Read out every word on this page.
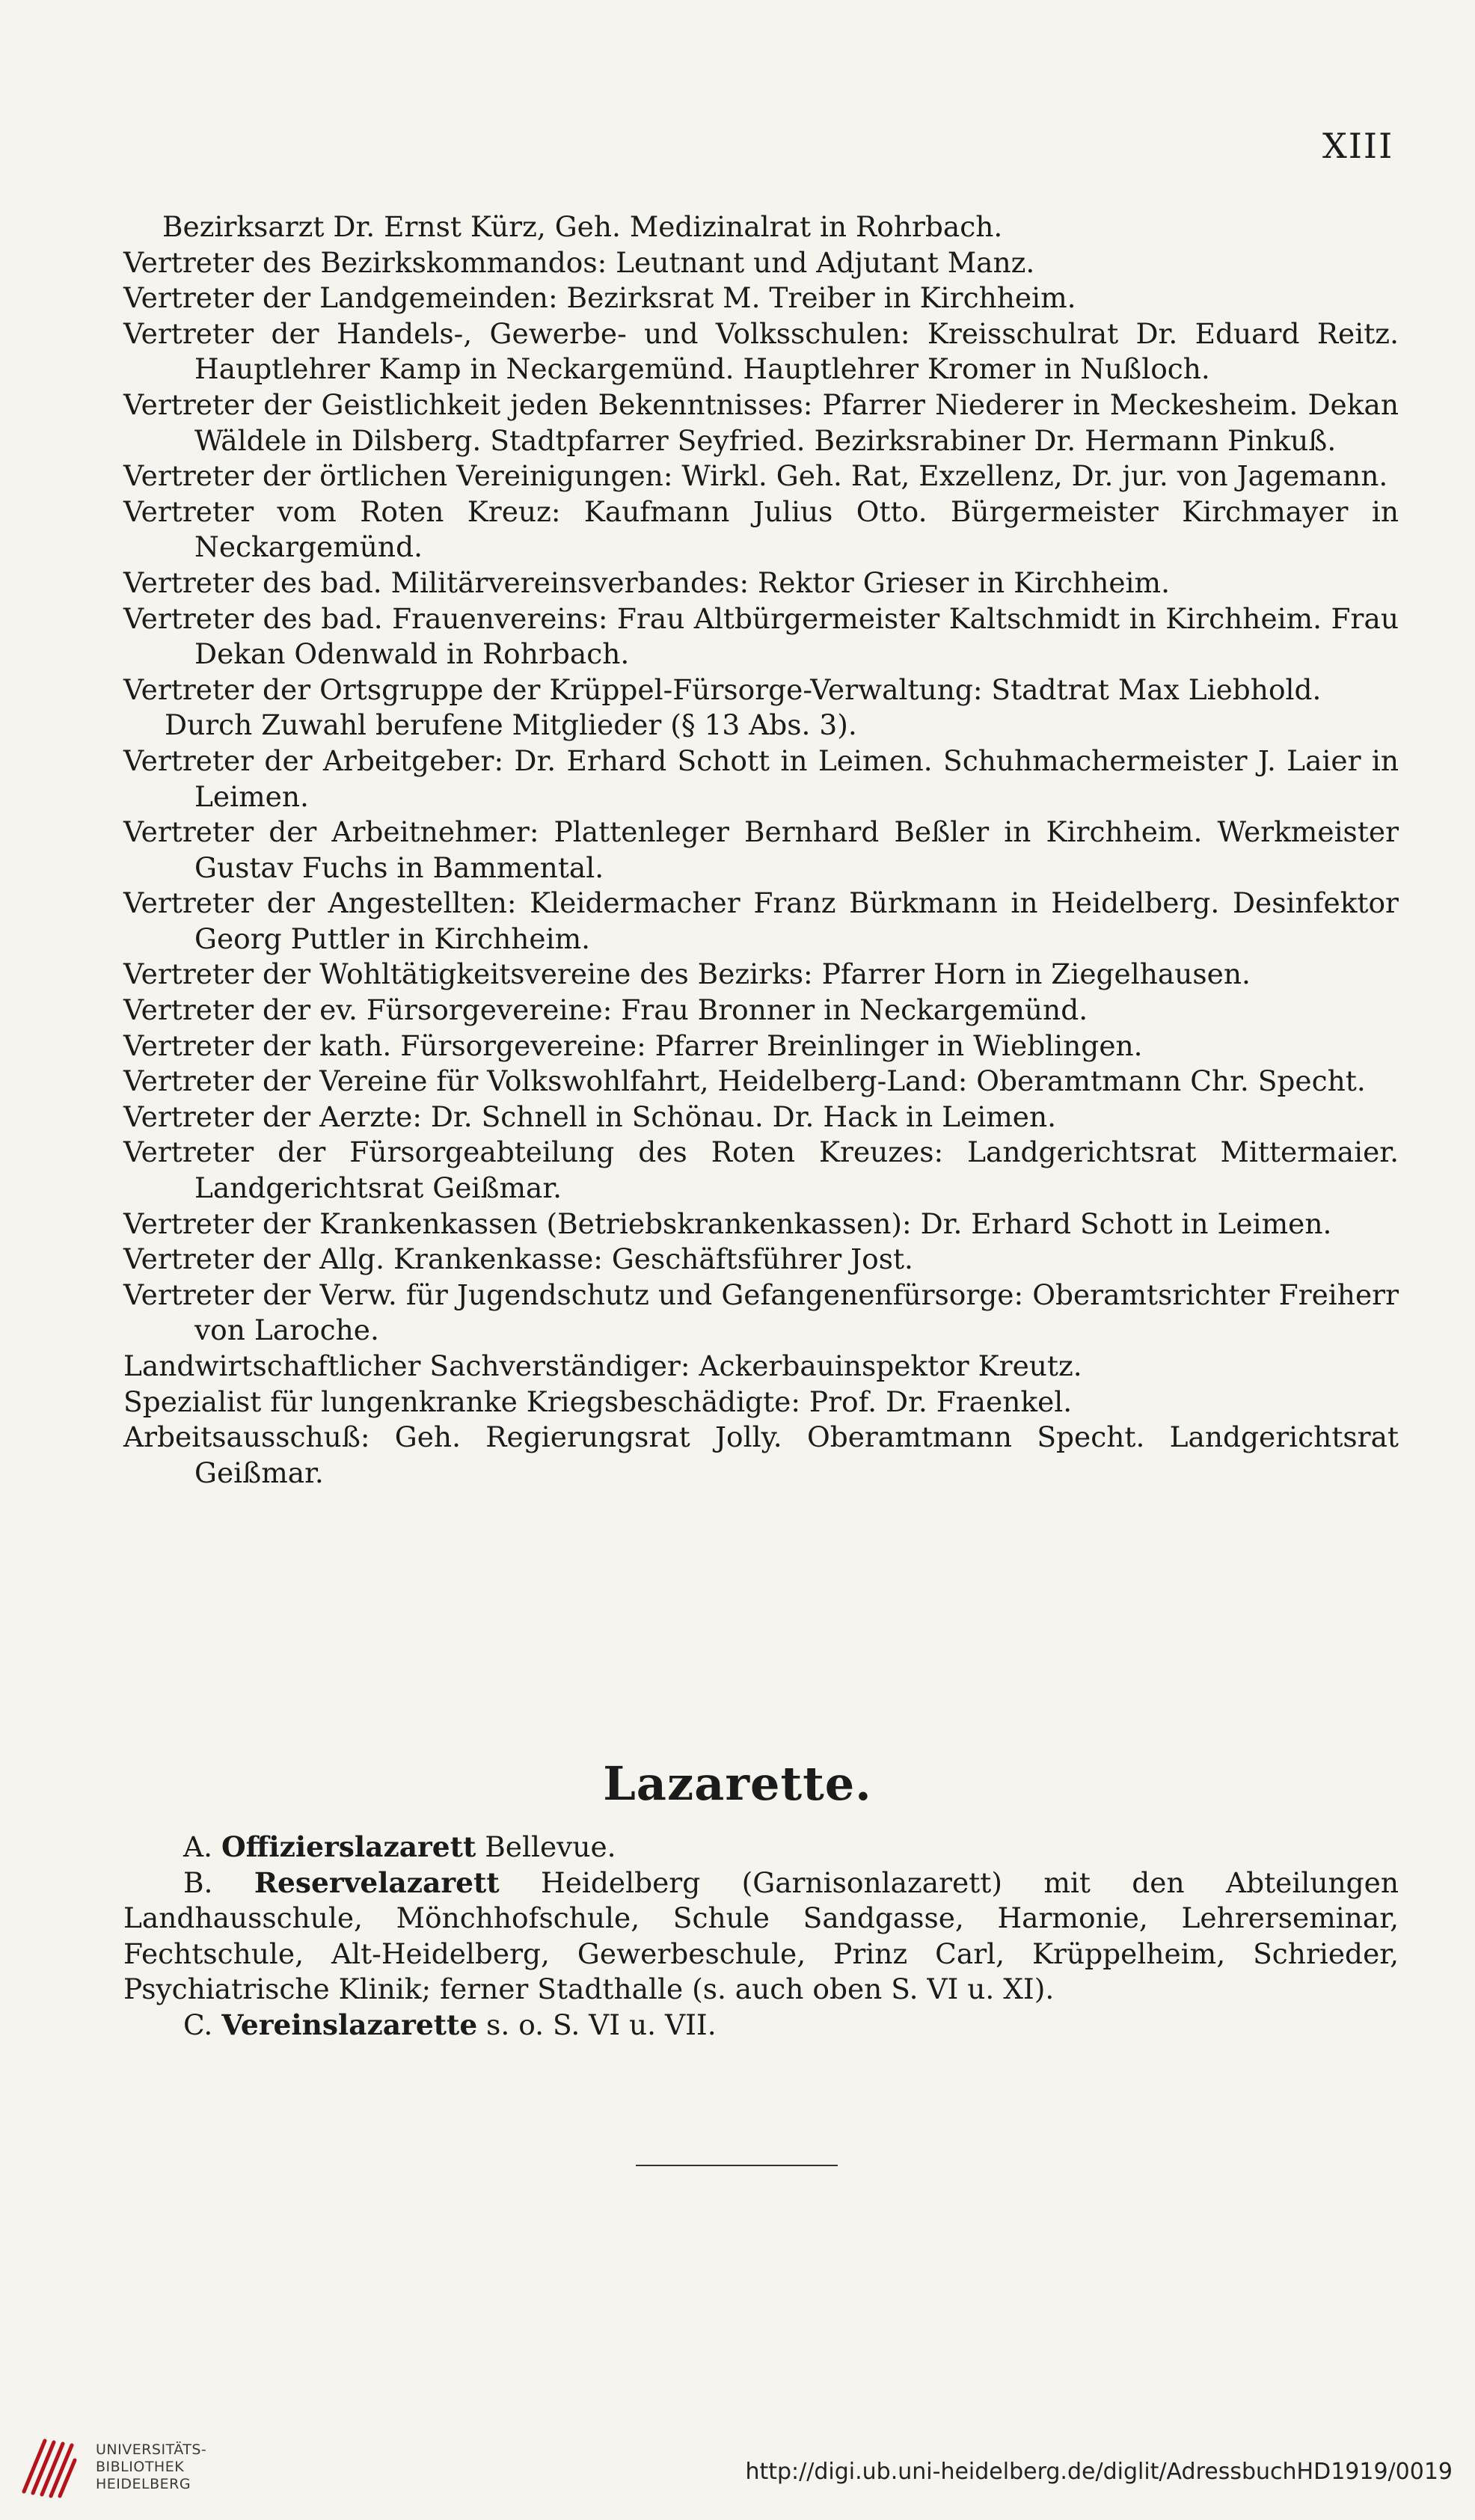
XIII
Bezirksarzt Dr. Ernst Kürz, Geh. Medizinalrat in Rohrbach.
Vertreter des Bezirkskommandos: Leutnant und Adjutant Manz.
Vertreter der Landgemeinden: Bezirksrat M. Treiber in Kirchheim.
Vertreter der Handels-, Gewerbe- und Volksschulen: Kreisschulrat Dr. Eduard Reitz. Hauptlehrer Kamp in Neckargemünd. Hauptlehrer Kromer in Nußloch.
Vertreter der Geistlichkeit jeden Bekenntnisses: Pfarrer Niederer in Meckesheim. Dekan Wäldele in Dilsberg. Stadtpfarrer Seyfried. Bezirksrabiner Dr. Hermann Pinkuß.
Vertreter der örtlichen Vereinigungen: Wirkl. Geh. Rat, Exzellenz, Dr. jur. von Jagemann.
Vertreter vom Roten Kreuz: Kaufmann Julius Otto. Bürgermeister Kirchmayer in Neckargemünd.
Vertreter des bad. Militärvereinsverbandes: Rektor Grieser in Kirchheim.
Vertreter des bad. Frauenvereins: Frau Altbürgermeister Kaltschmidt in Kirchheim. Frau Dekan Odenwald in Rohrbach.
Vertreter der Ortsgruppe der Krüppel-Fürsorge-Verwaltung: Stadtrat Max Liebhold.
Durch Zuwahl berufene Mitglieder (§ 13 Abs. 3).
Vertreter der Arbeitgeber: Dr. Erhard Schott in Leimen. Schuhmachermeister J. Laier in Leimen.
Vertreter der Arbeitnehmer: Plattenleger Bernhard Beßler in Kirchheim. Werkmeister Gustav Fuchs in Bammental.
Vertreter der Angestellten: Kleidermacher Franz Bürkmann in Heidelberg. Desinfektor Georg Puttler in Kirchheim.
Vertreter der Wohltätigkeitsvereine des Bezirks: Pfarrer Horn in Ziegelhausen.
Vertreter der ev. Fürsorgevereine: Frau Bronner in Neckargemünd.
Vertreter der kath. Fürsorgevereine: Pfarrer Breinlinger in Wieblingen.
Vertreter der Vereine für Volkswohlfahrt, Heidelberg-Land: Oberamtmann Chr. Specht.
Vertreter der Aerzte: Dr. Schnell in Schönau. Dr. Hack in Leimen.
Vertreter der Fürsorgeabteilung des Roten Kreuzes: Landgerichtsrat Mittermaier. Landgerichtsrat Geißmar.
Vertreter der Krankenkassen (Betriebskrankenkassen): Dr. Erhard Schott in Leimen.
Vertreter der Allg. Krankenkasse: Geschäftsführer Jost.
Vertreter der Verw. für Jugendschutz und Gefangenenfürsorge: Oberamtsrichter Freiherr von Laroche.
Landwirtschaftlicher Sachverständiger: Ackerbauinspektor Kreutz.
Spezialist für lungenkranke Kriegsbeschädigte: Prof. Dr. Fraenkel.
Arbeitsausschuß: Geh. Regierungsrat Jolly. Oberamtmann Specht. Landgerichtsrat Geißmar.
Lazarette.
A. Offizierslazarett Bellevue.
B. Reservelazarett Heidelberg (Garnisonlazarett) mit den Abteilungen Landhausschule, Mönchhofschule, Schule Sandgasse, Harmonie, Lehrerseminar, Fechtschule, Alt-Heidelberg, Gewerbeschule, Prinz Carl, Krüppelheim, Schrieder, Psychiatrische Klinik; ferner Stadthalle (s. auch oben S. VI u. XI).
C. Vereinslazarette s. o. S. VI u. VII.
UNIVERSITÄTS-
BIBLIOTHEK
HEIDELBERG	http://digi.ub.uni-heidelberg.de/diglit/AdressbuchHD1919/0019
